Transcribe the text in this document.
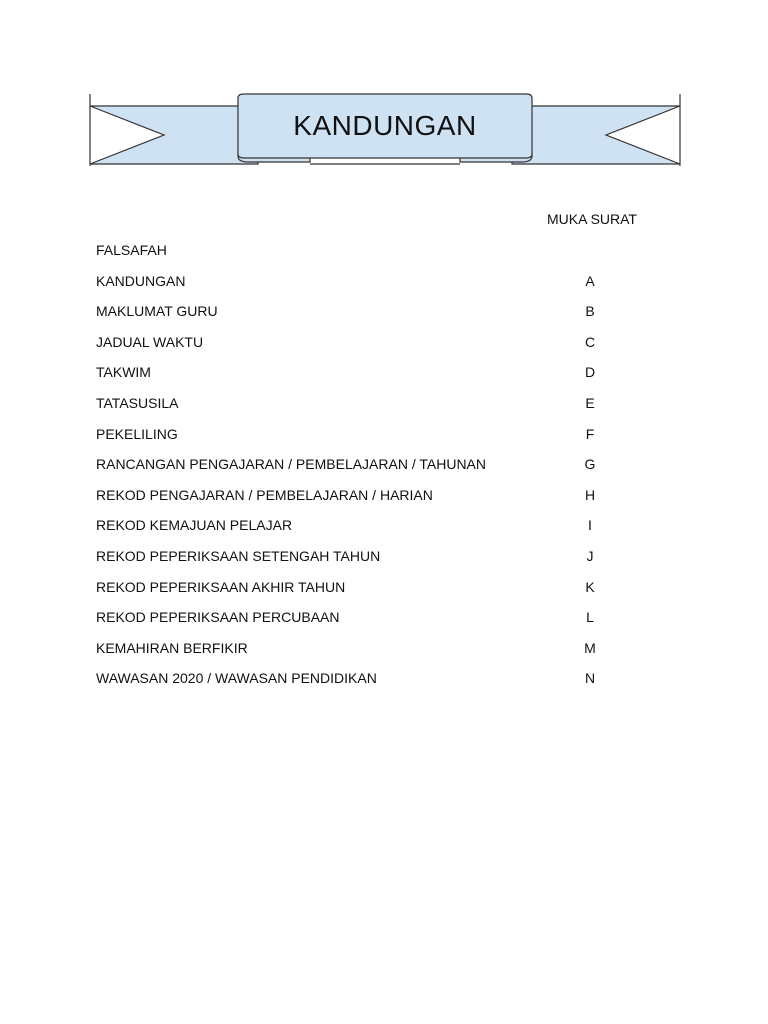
KANDUNGAN
MUKA SURAT
FALSAFAH
KANDUNGAN	A
MAKLUMAT GURU	B
JADUAL WAKTU	C
TAKWIM	D
TATASUSILA	E
PEKELILING	F
RANCANGAN PENGAJARAN / PEMBELAJARAN / TAHUNAN	G
REKOD PENGAJARAN / PEMBELAJARAN / HARIAN	H
REKOD KEMAJUAN PELAJAR	I
REKOD PEPERIKSAAN SETENGAH TAHUN	J
REKOD PEPERIKSAAN AKHIR TAHUN	K
REKOD PEPERIKSAAN PERCUBAAN	L
KEMAHIRAN BERFIKIR	M
WAWASAN 2020 / WAWASAN PENDIDIKAN	N
